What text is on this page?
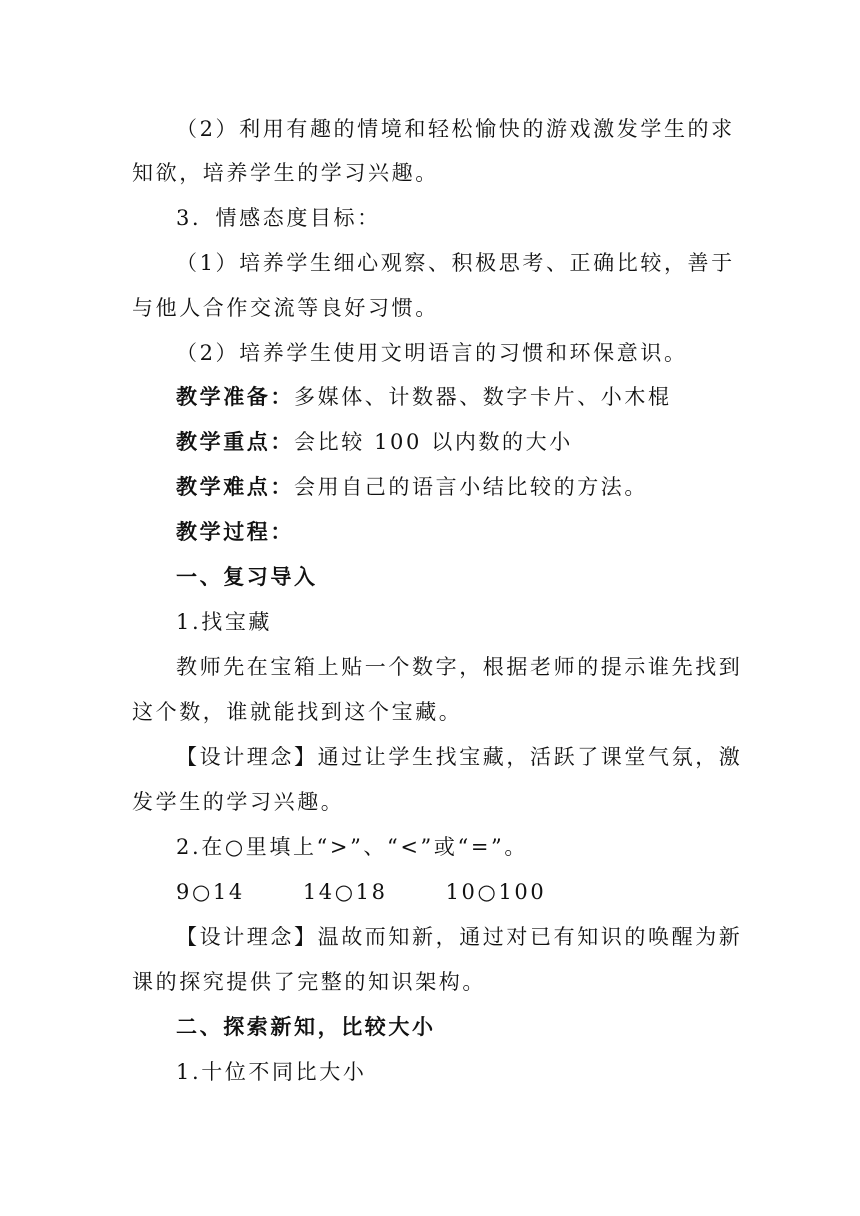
（2）利用有趣的情境和轻松愉快的游戏激发学生的求
知欲，培养学生的学习兴趣。
3．情感态度目标：
（1）培养学生细心观察、积极思考、正确比较，善于
与他人合作交流等良好习惯。
（2）培养学生使用文明语言的习惯和环保意识。
教学准备：多媒体、计数器、数字卡片、小木棍
教学重点：会比较 100 以内数的大小
教学难点：会用自己的语言小结比较的方法。
教学过程：
一、复习导入
1.找宝藏
教师先在宝箱上贴一个数字，根据老师的提示谁先找到
这个数，谁就能找到这个宝藏。
【设计理念】通过让学生找宝藏，活跃了课堂气氛，激
发学生的学习兴趣。
2.在○里填上“>”、“<”或“=”。
9○14	14○18	10○100
【设计理念】温故而知新，通过对已有知识的唤醒为新
课的探究提供了完整的知识架构。
二、探索新知，比较大小
1.十位不同比大小
